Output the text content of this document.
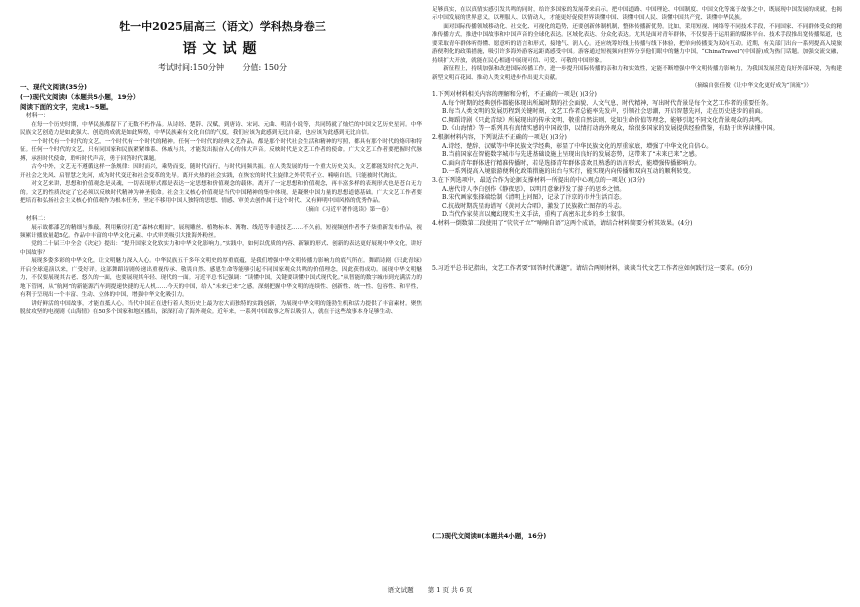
牡一中2025届高三（语文）学科热身卷三

语文试题

考试时间:150分钟 分值: 150分

一、现代文阅读(35分)

(一)现代文阅读Ⅰ（本题共5小题，19分）

阅读下面的文字，完成1~5题。

材料一：

在每一个历史时期，中华民族都留下了无数不朽作品。从诗经、楚辞、汉赋，到唐诗、宋词、元曲、明清小说等，共同铸就了灿烂的中国文艺历史星河。中华民族文艺创造力是如此强大、创造的成就是如此辉煌，中华民族素有文化自信的气度，我们应该为此感到无比自豪，也应该为此感到无比自信。

一个时代有一个时代的文艺，一个时代有一个时代的精神。任何一个时代的经典文艺作品，都是那个时代社会生活和精神的写照，都具有那个时代的烙印和特征。任何一个时代的文艺，只有同国家和民族紧紧维系、休戚与共，才能发出振奋人心的伟大声音。反映时代是文艺工作者的使命。广大文艺工作者要把握时代脉搏，承担时代使命，聆听时代声音，勇于回答时代课题。

古今中外，文艺无不遵循这样一条规律：因时而兴，乘势而变，随时代而行，与时代同频共振。在人类发展的每一个重大历史关头，文艺都能发时代之先声、开社会之先风、启智慧之先河，成为时代变迁和社会变革的先导。离开火热的社会实践，在恢宏的时代主旋律之外茕茕孑立、喃喃自语，只能被时代淘汰。

对文艺来讲，思想和价值观念是灵魂，一切表现形式都是表达一定思想和价值观念的载体。离开了一定思想和价值观念，再丰富多样的表现形式也是苍白无力的。文艺的性质决定了它必须以反映时代精神为神圣使命。社会主义核心价值观是当代中国精神的集中体现，是凝聚中国力量的思想道德基础。广大文艺工作者要把培育和弘扬社会主义核心价值观作为根本任务，坚定不移用中国人独特的思想、情感、审美去创作属于这个时代、又有鲜明中国风格的优秀作品。

（摘自《习近平著作选读》第一卷）

材料二：

展示故都漆艺的精细与推敲，利用紫房打造“森林衣帽间”，展现雕丝、植物标本、篝物、线范等非遗技艺……不久前，短视频创作者李子柒重新发布作品，视频累计播放量超5亿。作品中丰富的中华文化元素、中式审美吸引大批海外粉丝。

党的二十届三中全会《决定》提出：“提升国家文化软实力和中华文化影响力。”实践中，如何以优质的内容、新颖的形式、创新的表达更好展现中华文化，讲好中国故事？

展现多姿多彩的中华文化，让文明魅力深入人心。中华民族五千多年文明史的厚重底蕴，是我们增强中华文明传播力影响力的底气所在。舞蹈诗剧《只此青绿》开启全球巡演以来，广受好评。这部舞蹈诗剧传递出重视传承、敬畏自然、感恩生命等能够引起不同国家观众共鸣的价值理念，因此获得成功。展现中华文明魅力，不仅要展现其古老、悠久的一面，也要展现其年轻、现代的一面。习近平总书记强调：“读懂中国，关键要读懂中国式现代化。”从智能的数字城市到充满活力的地下管网，从“航网”的新能源汽车到提速快捷的无人机……今天的中国，给人“未来已来”之感。深刻把握中华文明的连续性、创新性、统一性、包容性、和平性，有利于呈现出一个丰富、生动、立体的中国，增强中华文化吸引力。

讲好鲜活的中国故事，才能直抵人心。当代中国正在进行着人类历史上最为宏大而独特的实践创新，为展现中华文明的蓬勃生机和活力提供了丰富素材。聚焦脱贫攻坚的电视剧《山海情》在50多个国家和地区播出，深深打动了海外观众。近年来，一系列中国故事之所以吸引人，就在于这些故事本身足够生动、

足够真实，在以真情实感引发共鸣的同时，给许多国家的发展带来启示。把中国道路、中国理论、中国制度、中国文化等寓于故事之中，既展现中国发展的成就，也揭示中国发展的世界意义，以理服人、以情动人，才能更好促使世界读懂中国、读懂中国人民、读懂中国共产党、读懂中华民族。

面对国际传播领域移动化、社交化、可视化的趋势，还要创新体制机制，整体传播新优势。比如，采用短视、网络等不同技术手段，不同国家、不同群体受众的精准传播方式，推进中国故事和中国声音的全球化表达。区域化表达、分众化表达。尤其是面对青年群体，不仅要善于运用新的媒体平台、技术手段推出宽传播渠道，也要采取青年群体听得懂、愿意听的语言和形式，接地气、润人心。还应统筹好线上传播与线下体验，把单向传播变为双向互动。近期，有关部门出台一系列提高入境旅游便利化的政策措施，吸引许多海外游客远距离感受中国。游客通过短视频向世界分享他们眼中的魅力中国，“ChinaTravel”(中国游)成为热门话题。加强交流交融，持续扩大开放，就能在民心相通中展现可信、可爱、可敬的中国形象。

新征程上，持续加强和改进国际传播工作，进一步提升国际传播的亲和力和实效性，定能不断增强中华文明传播力影响力，为我国发展营造良好外部环境，为构建新型文明百花园、推动人类文明进步作出更大贡献。

（摘编自张佳俊《让中华文化更好成为“顶流”》）

1.下列对材料相关内容的理解和分析，不正确的一项是( )(3分)

A.每个时期的经典创作都能体现出所属时期的社会面貌、人文气息、时代精神，写出时代背景是每个文艺工作者的重要任务。

B.每当人类文明的发展历程到关键时刻，文艺工作者总能率先发声，引领社会思潮，开启智慧先河，走在历史进步的前面。

C.舞蹈诗剧《只此青绿》所展现出的传承文明、敬重自然法则、觉知生命价值等理念，能够引起不同文化背景观众的共鸣。

D.《山海情》等一系列具有真情实感的中国故事，以情打动海外观众，给很多国家的发展提供经验借鉴，有助于世界读懂中国。

2.根据材料内容，下列说法不正确的一项是( )(3分)

A.诗经、楚辞、汉赋等中华民族文学经典，彰显了中华民族文化的厚重家底，增强了中华文化自信心。

B.当前国家在智能数字城市与先进基础设施上呈现出良好的发展态势，这带来了“未来已来”之感。

C.面向青年群体进行精准传播时，若是选择青年群体喜欢且熟悉的语言形式，能增强传播影响力。

D.一系列提高入境旅游便利化政策措施的出台与实行，能实现内向传播和双向互动的顺利转变。

3.在下列选项中，最适合作为论据支撑材料一所提出的中心观点的一项是( )(3分)

A.唐代诗人李白创作《静夜思》，以明月意象抒发了游子的思乡之情。

B.宋代画家张择端绘制《清明上河图》，记录了汴京的市井生活百态。

C.抗战时期冼星海谱写《黄河大合唱》，激发了民族救亡图存的斗志。

D.当代作家莫言以魔幻现实主义手法，重构了高密东北乡的乡土叙事。

4.材料一倒数第二段使用了“茕茕孑立”“喃喃自语”这两个成语，请结合材料简要分析其效果。(4分)

5.习近平总书记指出，文艺工作者要“回答时代课题”。请结合两则材料，谈谈当代文艺工作者应如何践行这一要求。(6分)

(二)现代文阅读Ⅱ(本题共4小题，16分)

语文试题 第 1 页 共 6 页
